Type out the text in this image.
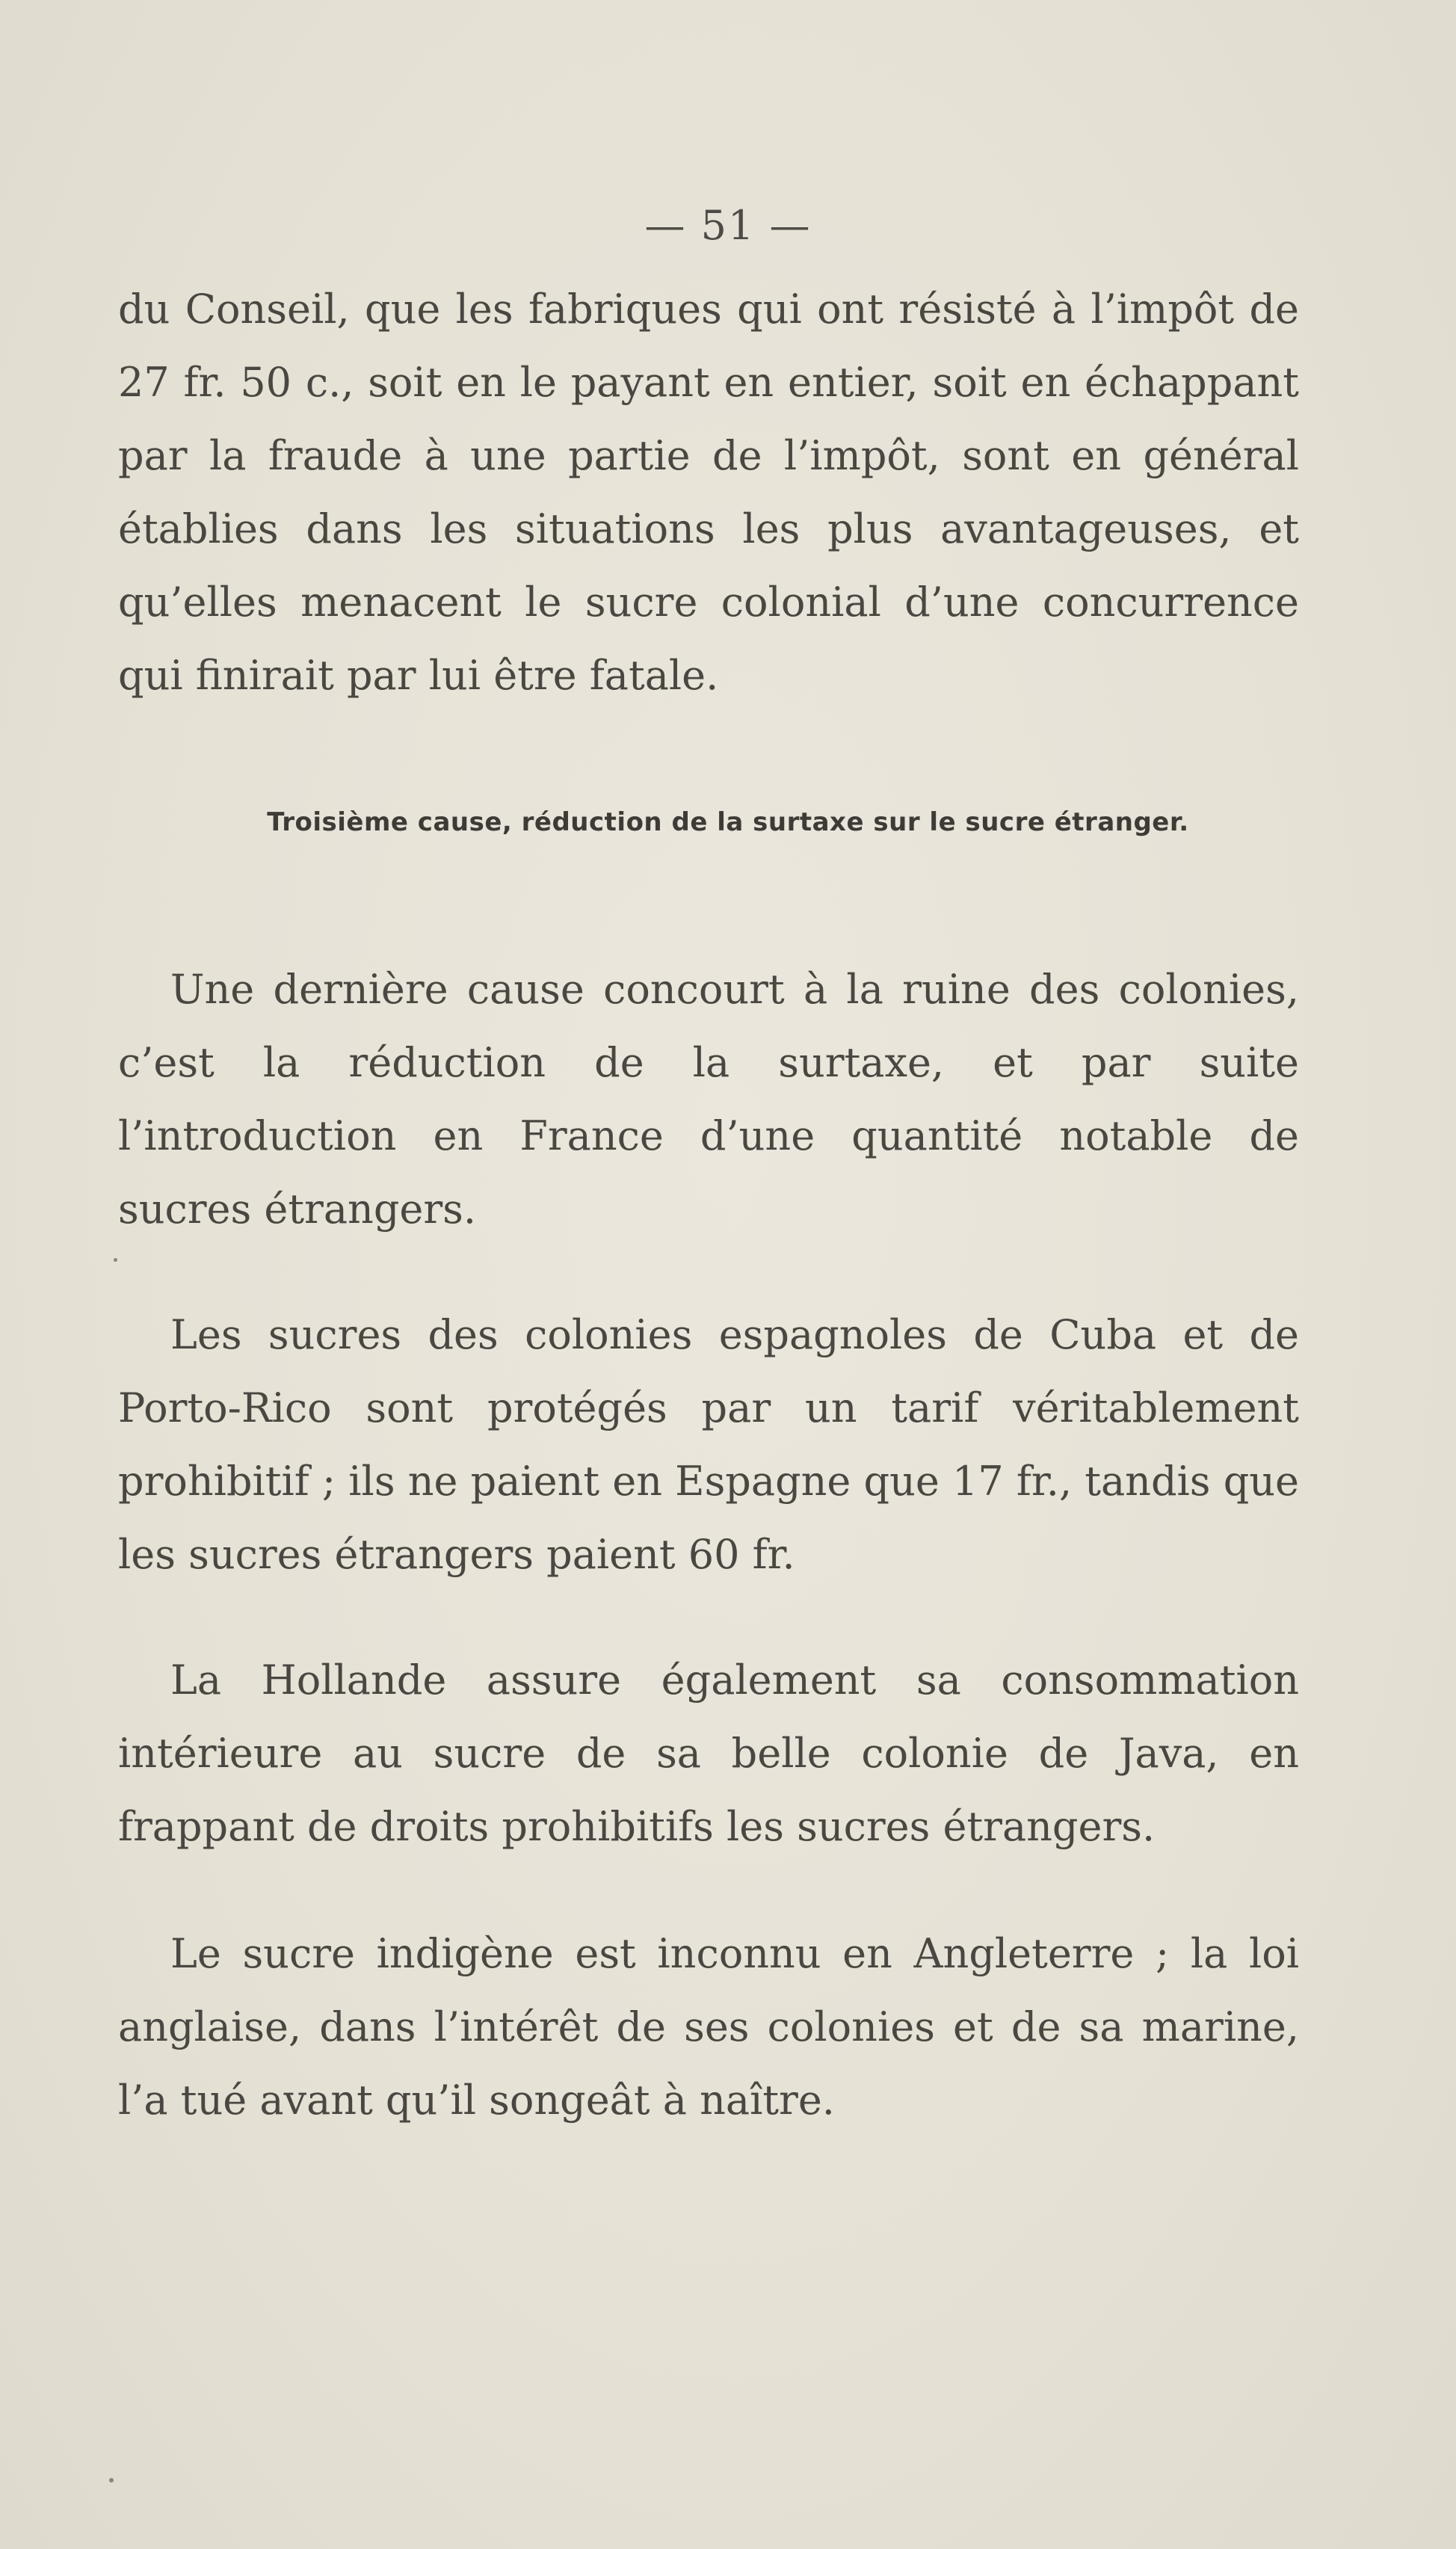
— 51 —

du Conseil, que les fabriques qui ont résisté à l’impôt de 27 fr. 50 c., soit en le payant en entier, soit en échappant par la fraude à une partie de l’impôt, sont en général établies dans les situations les plus avantageuses, et qu’elles menacent le sucre colonial d’une concurrence qui finirait par lui être fatale.

Troisième cause, réduction de la surtaxe sur le sucre étranger.

Une dernière cause concourt à la ruine des colonies, c’est la réduction de la surtaxe, et par suite l’introduction en France d’une quantité notable de sucres étrangers.

Les sucres des colonies espagnoles de Cuba et de Porto-Rico sont protégés par un tarif véritablement prohibitif ; ils ne paient en Espagne que 17 fr., tandis que les sucres étrangers paient 60 fr.

La Hollande assure également sa consommation intérieure au sucre de sa belle colonie de Java, en frappant de droits prohibitifs les sucres étrangers.

Le sucre indigène est inconnu en Angleterre ; la loi anglaise, dans l’intérêt de ses colonies et de sa marine, l’a tué avant qu’il songeât à naître.
